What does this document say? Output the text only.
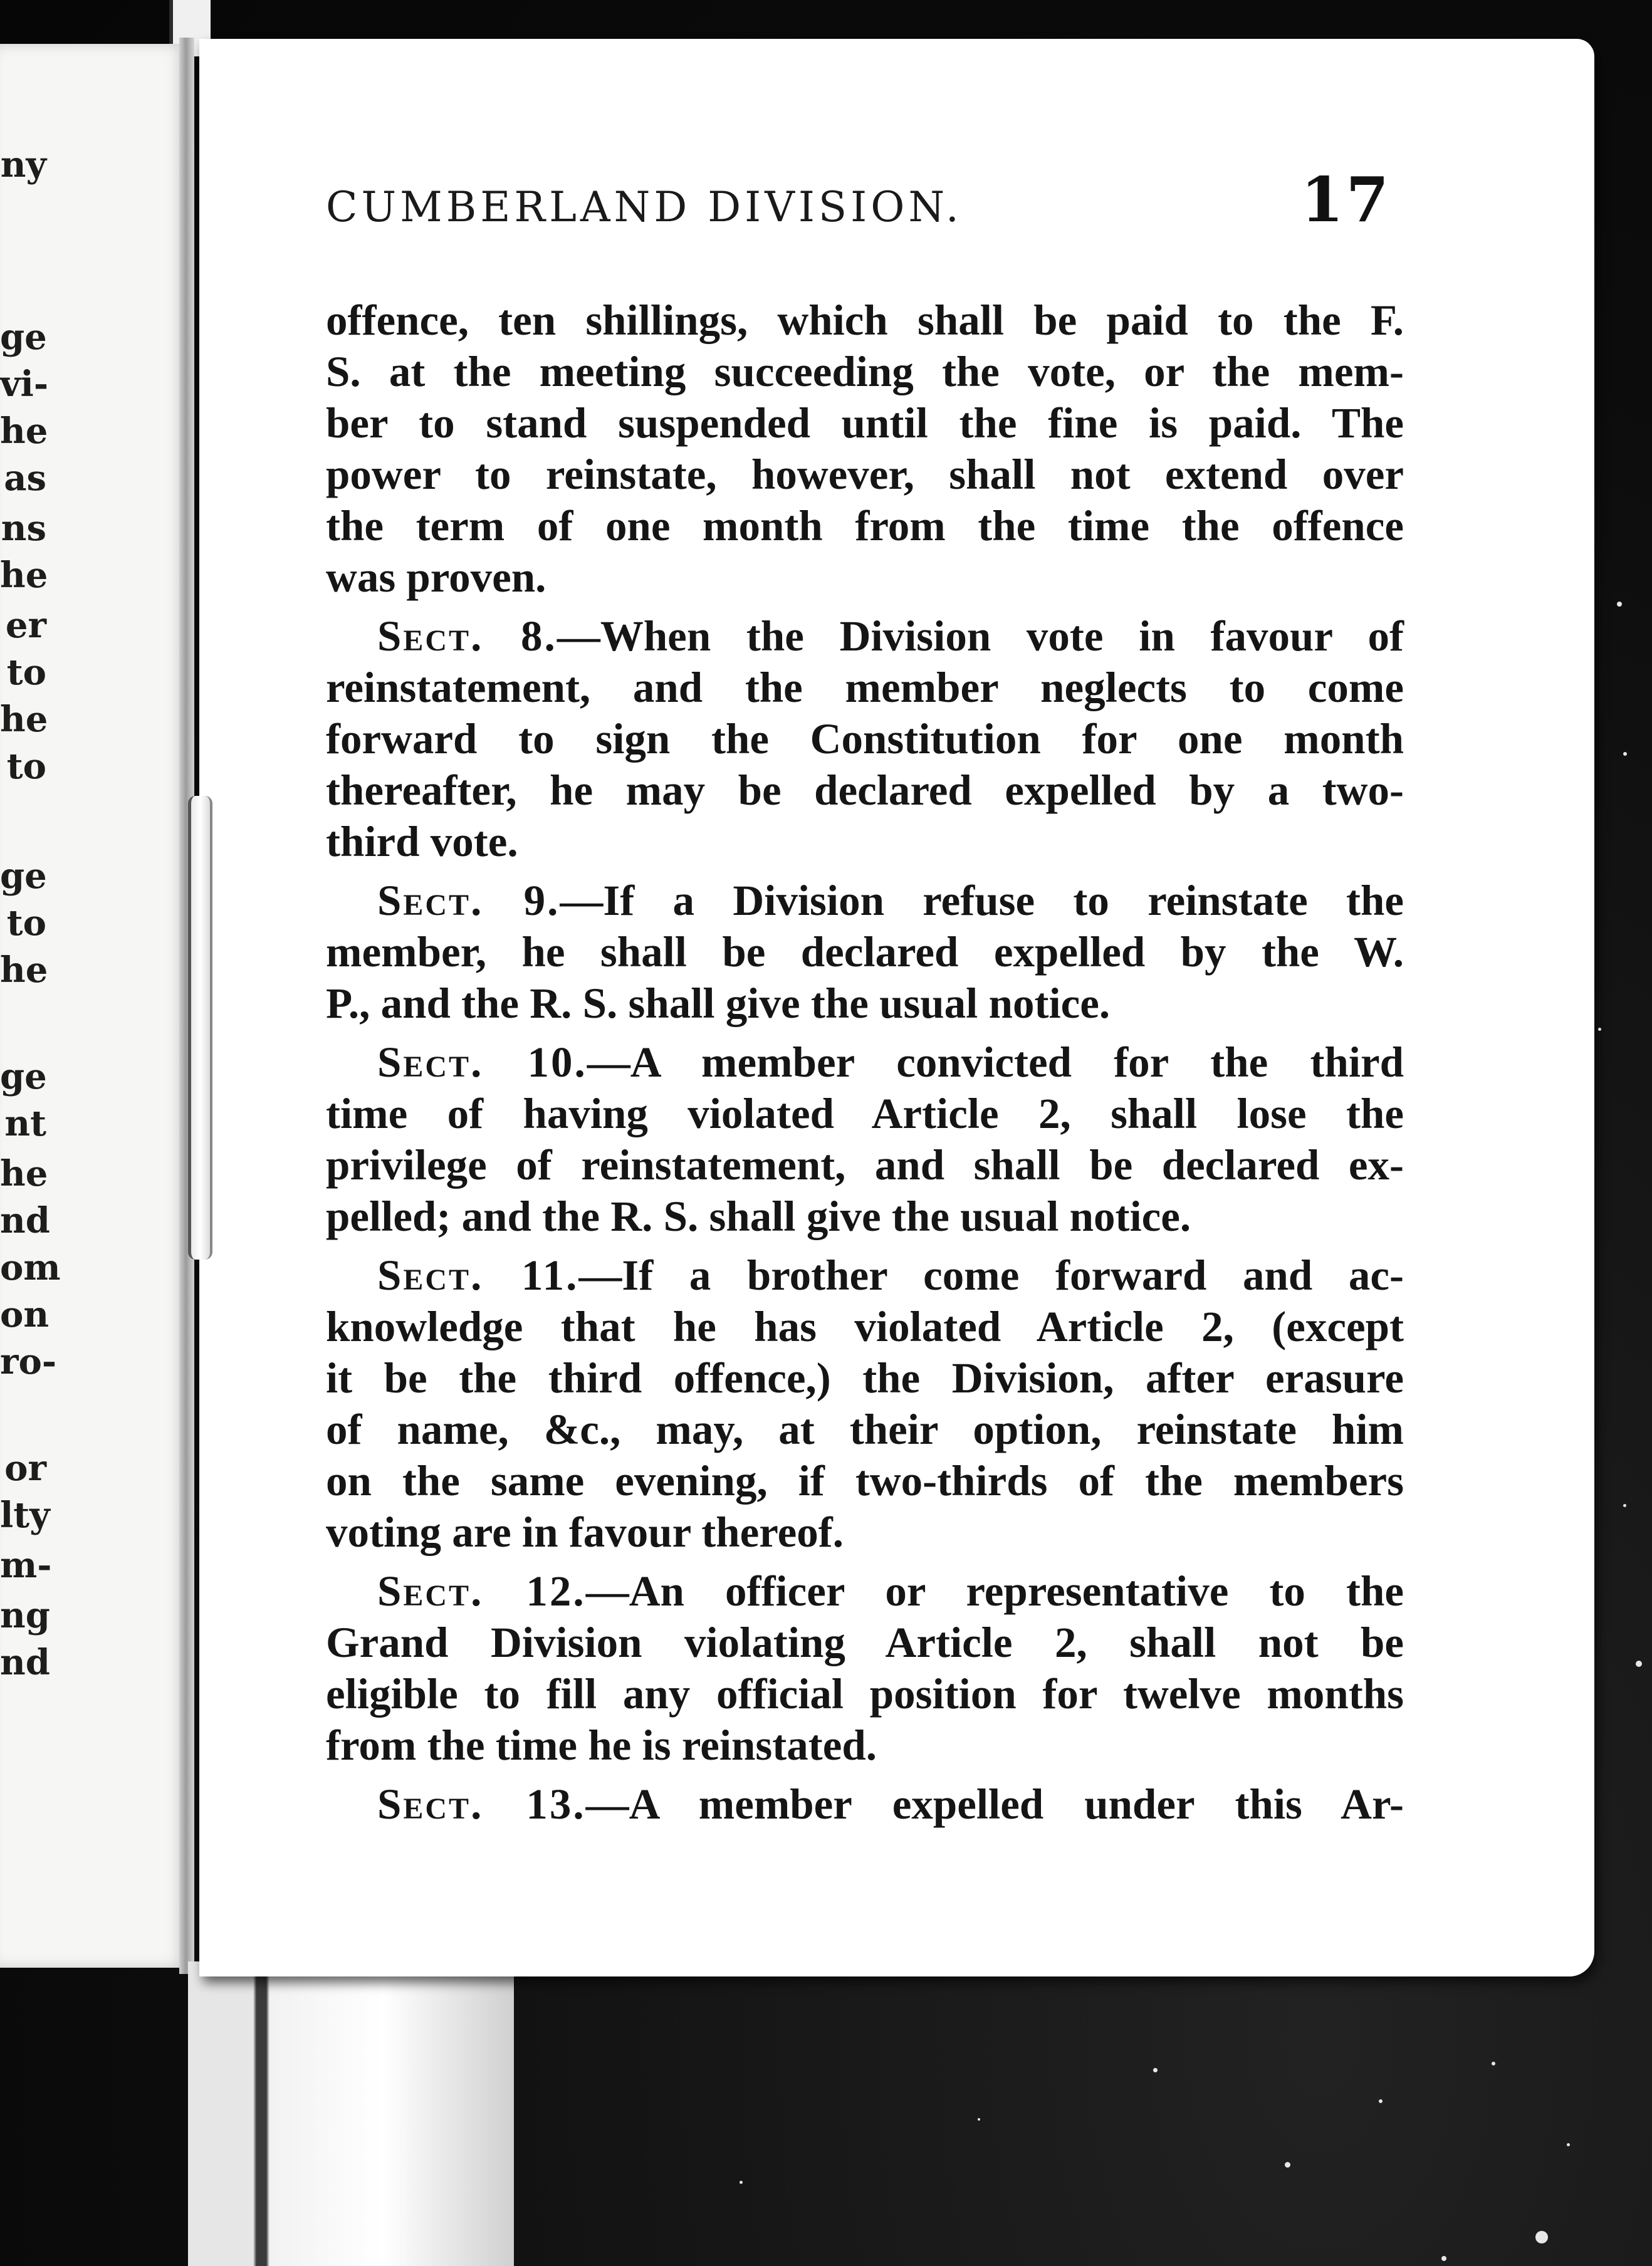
ny
ge
vi-
he
as
ns
he
er
to
he
to
ge
to
he
ge
nt
he
nd
om
on
ro-
or
lty
m-
ng
nd
CUMBERLAND DIVISION.	17
offence, ten shillings, which shall be paid to the F.
S. at the meeting succeeding the vote, or the mem-
ber to stand suspended until the fine is paid. The
power to reinstate, however, shall not extend over
the term of one month from the time the offence
was proven.
Sect. 8.—When the Division vote in favour of
reinstatement, and the member neglects to come
forward to sign the Constitution for one month
thereafter, he may be declared expelled by a two-
third vote.
Sect. 9.—If a Division refuse to reinstate the
member, he shall be declared expelled by the W.
P., and the R. S. shall give the usual notice.
Sect. 10.—A member convicted for the third
time of having violated Article 2, shall lose the
privilege of reinstatement, and shall be declared ex-
pelled; and the R. S. shall give the usual notice.
Sect. 11.—If a brother come forward and ac-
knowledge that he has violated Article 2, (except
it be the third offence,) the Division, after erasure
of name, &c., may, at their option, reinstate him
on the same evening, if two-thirds of the members
voting are in favour thereof.
Sect. 12.—An officer or representative to the
Grand Division violating Article 2, shall not be
eligible to fill any official position for twelve months
from the time he is reinstated.
Sect. 13.—A member expelled under this Ar-
